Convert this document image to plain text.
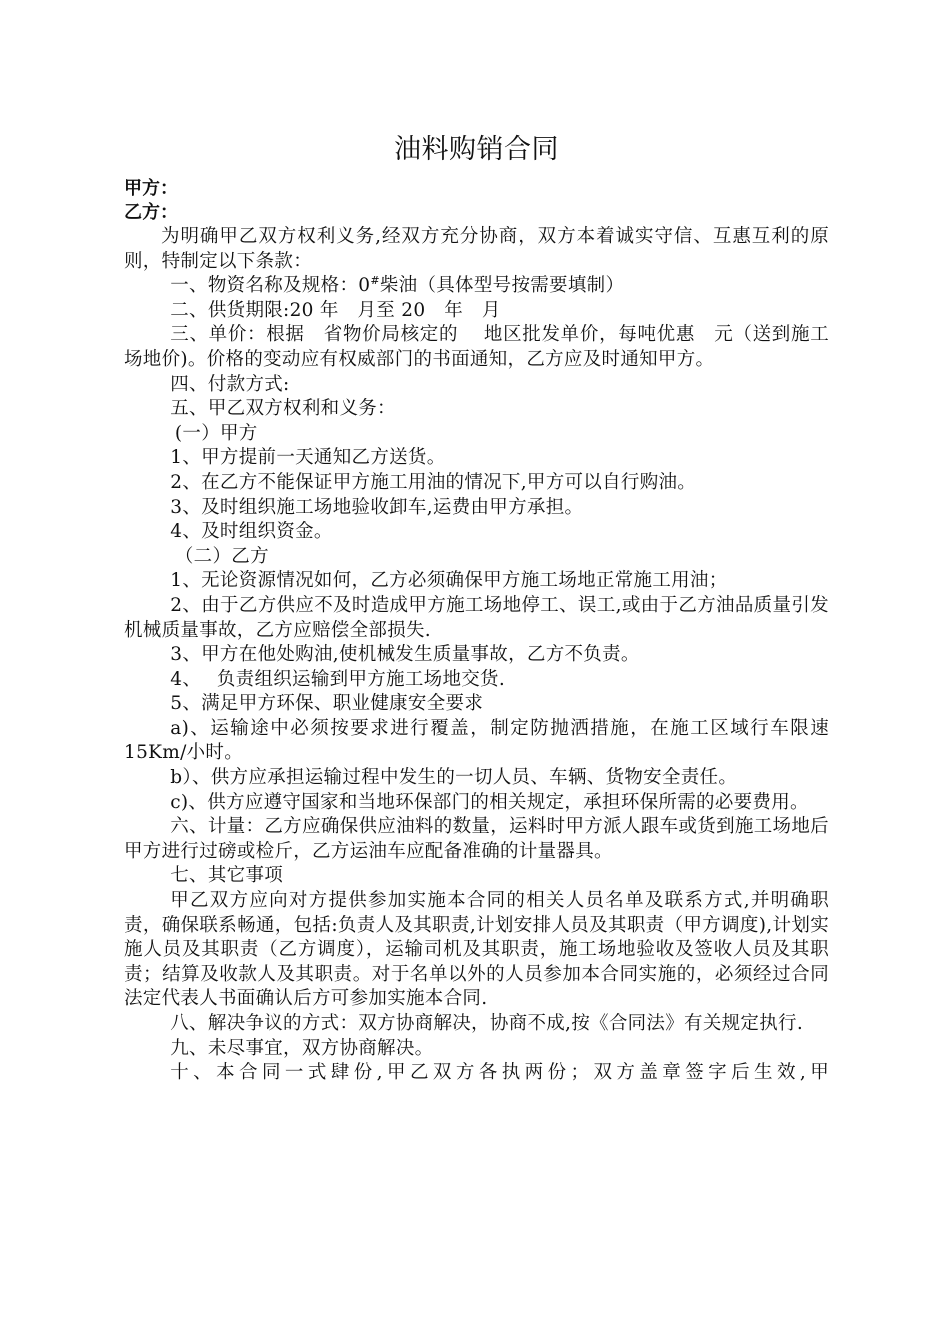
油料购销合同
甲方：
乙方：

为明确甲乙双方权利义务,经双方充分协商，双方本着诚实守信、互惠互利的原则，特制定以下条款：

一、物资名称及规格：0#柴油（具体型号按需要填制）

二、供货期限:20 年　月至 20　年　月

三、单价：根据　省物价局核定的　 地区批发单价，每吨优惠　元（送到施工场地价)。价格的变动应有权威部门的书面通知，乙方应及时通知甲方。

四、付款方式:

五、甲乙双方权利和义务：

(一）甲方

1、甲方提前一天通知乙方送货。

2、在乙方不能保证甲方施工用油的情况下,甲方可以自行购油。

3、及时组织施工场地验收卸车,运费由甲方承担。

4、及时组织资金。

（二）乙方

1、无论资源情况如何，乙方必须确保甲方施工场地正常施工用油；

2、由于乙方供应不及时造成甲方施工场地停工、误工,或由于乙方油品质量引发机械质量事故，乙方应赔偿全部损失.

3、甲方在他处购油,使机械发生质量事故，乙方不负责。

4、　 负责组织运输到甲方施工场地交货.

5、满足甲方环保、职业健康安全要求

a)、运输途中必须按要求进行覆盖，制定防抛洒措施，在施工区域行车限速 15Km/小时。

b）、供方应承担运输过程中发生的一切人员、车辆、货物安全责任。

c)、供方应遵守国家和当地环保部门的相关规定，承担环保所需的必要费用。

六、计量：乙方应确保供应油料的数量，运料时甲方派人跟车或货到施工场地后甲方进行过磅或检斤，乙方运油车应配备准确的计量器具。

七、其它事项

甲乙双方应向对方提供参加实施本合同的相关人员名单及联系方式,并明确职责，确保联系畅通，包括:负责人及其职责,计划安排人员及其职责（甲方调度),计划实施人员及其职责（乙方调度），运输司机及其职责，施工场地验收及签收人员及其职责；结算及收款人及其职责。对于名单以外的人员参加本合同实施的，必须经过合同法定代表人书面确认后方可参加实施本合同.

八、解决争议的方式：双方协商解决，协商不成,按《合同法》有关规定执行.

九、未尽事宜，双方协商解决。

十、本合同一式肆份,甲乙双方各执两份；双方盖章签字后生效,甲
